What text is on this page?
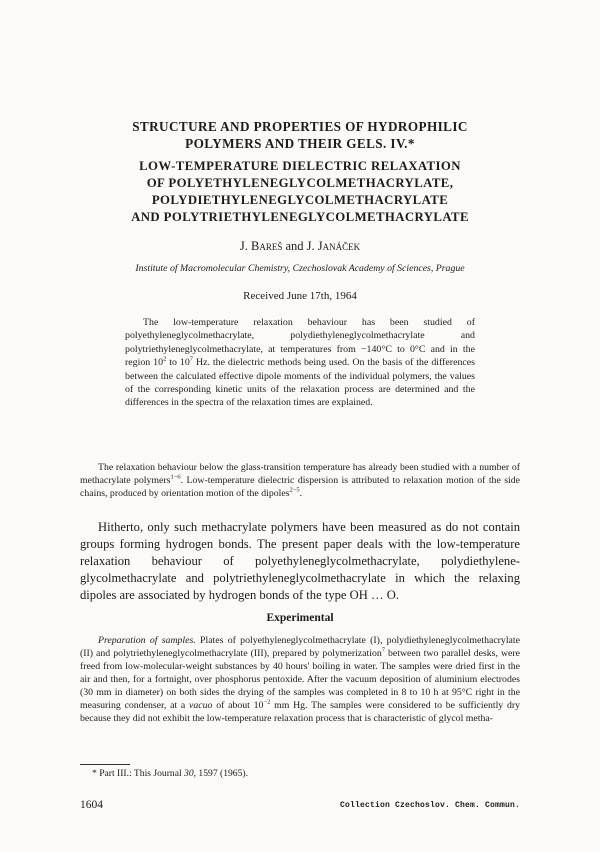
STRUCTURE AND PROPERTIES OF HYDROPHILIC
POLYMERS AND THEIR GELS. IV.*
LOW-TEMPERATURE DIELECTRIC RELAXATION
OF POLYETHYLENEGLYCOLMETHACRYLATE,
POLYDIETHYLENEGLYCOLMETHACRYLATE
AND POLYTRIETHYLENEGLYCOLMETHACRYLATE
J. Bareš and J. Janáček
Institute of Macromolecular Chemistry, Czechoslovak Academy of Sciences, Prague
Received June 17th, 1964

The low-temperature relaxation behaviour has been studied of polyethyleneglycolmethacrylate, polydiethyleneglycolmethacrylate and polytriethyleneglycolmethacrylate, at temperatures from −140°C to 0°C and in the region $10^2$ to $10^7$ Hz. the dielectric methods being used. On the basis of the differences between the calculated effective dipole moments of the individual polymers, the values of the corresponding kinetic units of the relaxation process are determined and the differences in the spectra of the relaxation times are explained.

The relaxation behaviour below the glass-transition temperature has already been studied with a number of methacrylate polymers$^{1-6}$. Low-temperature dielectric dispersion is attributed to relaxation motion of the side chains, produced by orientation motion of the dipoles$^{2-5}$.

Hitherto, only such methacrylate polymers have been measured as do not contain groups forming hydrogen bonds. The present paper deals with the low-temperature relaxation behaviour of polyethyleneglycolmethacrylate, polydiethylene-glycolmethacrylate and polytriethyleneglycolmethacrylate in which the relaxing dipoles are associated by hydrogen bonds of the type OH … O.

Experimental

Preparation of samples. Plates of polyethyleneglycolmethacrylate (I), polydiethyleneglycolmethacrylate (II) and polytriethyleneglycolmethacrylate (III), prepared by polymerization$^7$ between two parallel desks, were freed from low-molecular-weight substances by 40 hours' boiling in water. The samples were dried first in the air and then, for a fortnight, over phosphorus pentoxide. After the vacuum deposition of aluminium electrodes (30 mm in diameter) on both sides the drying of the samples was completed in 8 to 10 h at 95°C right in the measuring condenser, at a vacuo of about $10^{-2}$ mm Hg. The samples were considered to be sufficiently dry because they did not exhibit the low-temperature relaxation process that is characteristic of glycol metha-

* Part III.: This Journal 30, 1597 (1965).
1604	Collection Czechoslov. Chem. Commun.
